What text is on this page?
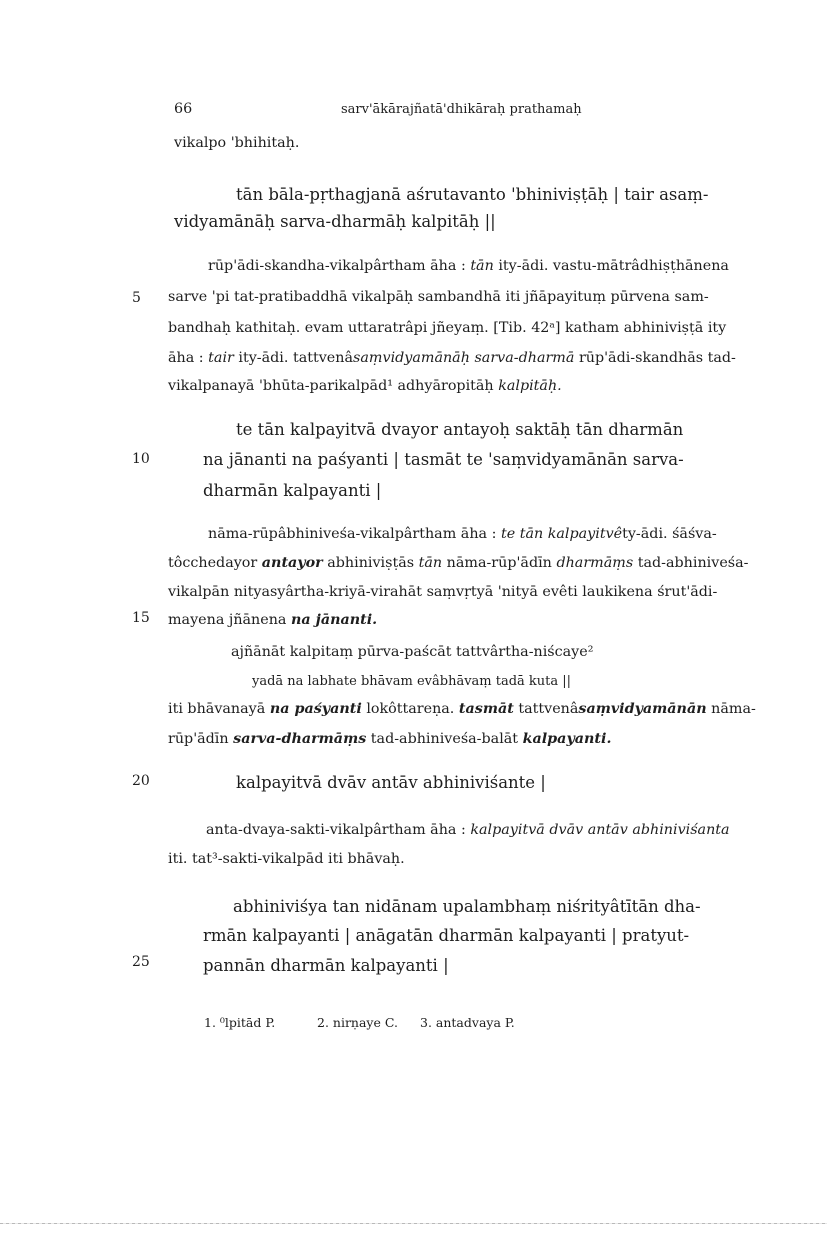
66	sarv'ākārajñatā'dhikāraḥ prathamaḥ
5
10
15
20
25
vikalpo 'bhihitaḥ.
tān bāla-pṛthagjanā aśrutavanto 'bhiniviṣṭāḥ | tair asaṃ-
vidyamānāḥ sarva-dharmāḥ kalpitāḥ ||
rūp'ādi-skandha-vikalpârtham āha : tān ity-ādi. vastu-mātrâdhiṣṭhānena
sarve 'pi tat-pratibaddhā vikalpāḥ sambandhā iti jñāpayituṃ pūrvena sam-
bandhaḥ kathitaḥ. evam uttaratrâpi jñeyaṃ. [Tib. 42ᵃ] katham abhiniviṣṭā ity
āha : tair ity-ādi. tattvenâsaṃvidyamānāḥ sarva-dharmā rūp'ādi-skandhās tad-
vikalpanayā 'bhūta-parikalpād¹ adhyāropitāḥ kalpitāḥ.
te tān kalpayitvā dvayor antayoḥ saktāḥ tān dharmān
na jānanti na paśyanti | tasmāt te 'saṃvidyamānān sarva-
dharmān kalpayanti |
nāma-rūpâbhiniveśa-vikalpârtham āha : te tān kalpayitvêty-ādi. śāśva-
tôcchedayor antayor abhiniviṣṭās tān nāma-rūp'ādīn dharmāṃs tad-abhiniveśa-
vikalpān nityasyârtha-kriyā-virahāt saṃvṛtyā 'nityā evêti laukikena śrut'ādi-
mayena jñānena na jānanti.
ajñānāt kalpitaṃ pūrva-paścāt tattvârtha-niścaye²
yadā na labhate bhāvam evâbhāvaṃ tadā kuta ||
iti bhāvanayā na paśyanti lokôttareṇa. tasmāt tattvenâsaṃvidyamānān nāma-
rūp'ādīn sarva-dharmāṃs tad-abhiniveśa-balāt kalpayanti.
kalpayitvā dvāv antāv abhiniviśante |
anta-dvaya-sakti-vikalpârtham āha : kalpayitvā dvāv antāv abhiniviśanta
iti. tat³-sakti-vikalpād iti bhāvaḥ.
abhiniviśya tan nidānam upalambhaṃ niśrityâtītān dha-
rmān kalpayanti | anāgatān dharmān kalpayanti | pratyut-
pannān dharmān kalpayanti |
1. ⁰lpitād P.	2. nirṇaye C. 3. antadvaya P.
